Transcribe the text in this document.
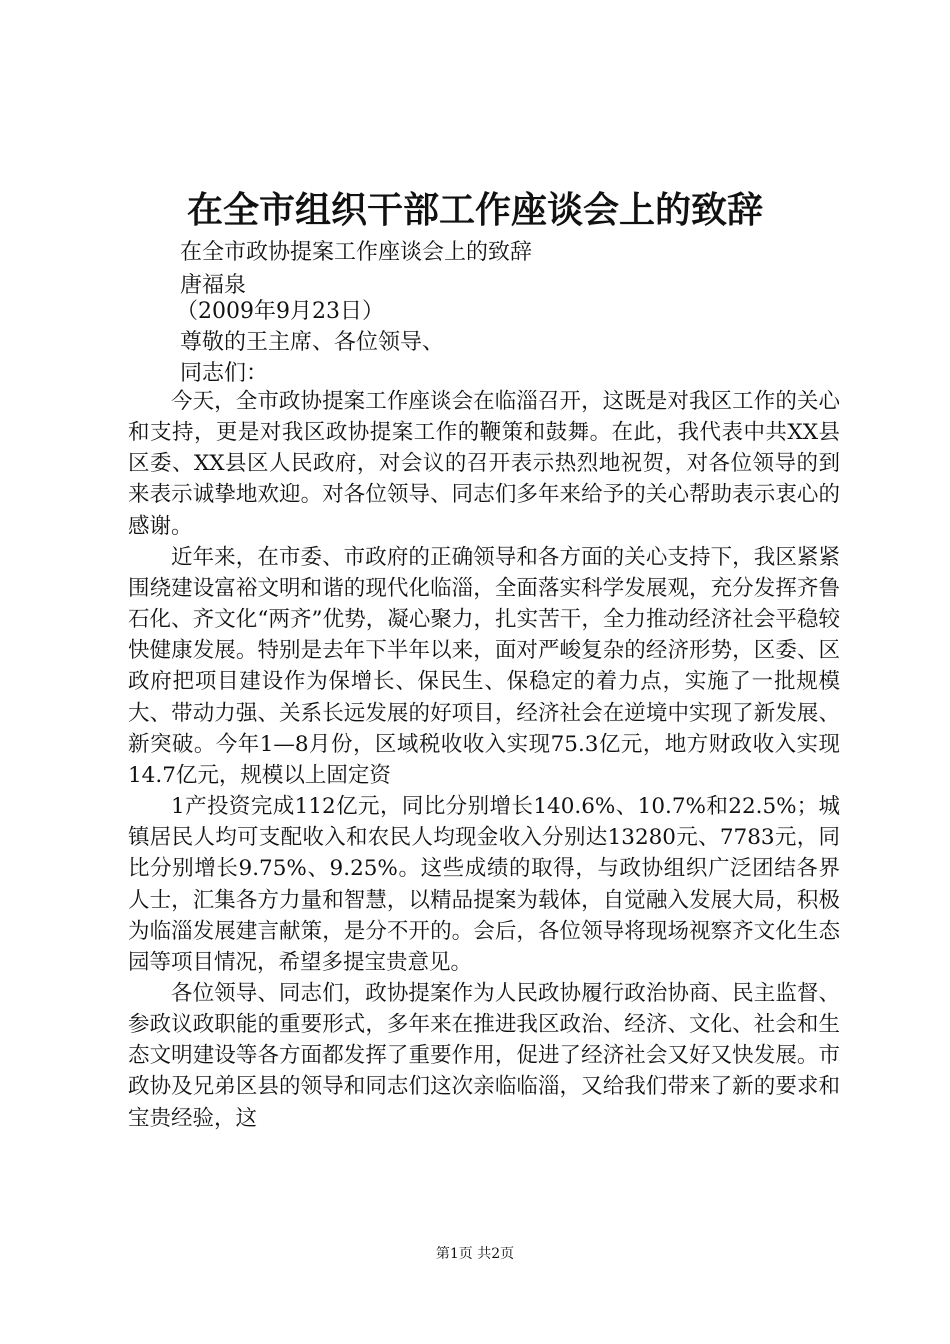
在全市组织干部工作座谈会上的致辞

在全市政协提案工作座谈会上的致辞

唐福泉

（2009年9月23日）

尊敬的王主席、各位领导、

同志们：

今天，全市政协提案工作座谈会在临淄召开，这既是对我区工作的关心和支持，更是对我区政协提案工作的鞭策和鼓舞。在此，我代表中共XX县区委、XX县区人民政府，对会议的召开表示热烈地祝贺，对各位领导的到来表示诚挚地欢迎。对各位领导、同志们多年来给予的关心帮助表示衷心的感谢。

近年来，在市委、市政府的正确领导和各方面的关心支持下，我区紧紧围绕建设富裕文明和谐的现代化临淄，全面落实科学发展观，充分发挥齐鲁石化、齐文化“两齐”优势，凝心聚力，扎实苦干，全力推动经济社会平稳较快健康发展。特别是去年下半年以来，面对严峻复杂的经济形势，区委、区政府把项目建设作为保增长、保民生、保稳定的着力点，实施了一批规模大、带动力强、关系长远发展的好项目，经济社会在逆境中实现了新发展、新突破。今年1—8月份，区域税收收入实现75.3亿元，地方财政收入实现14.7亿元，规模以上固定资

1产投资完成112亿元，同比分别增长140.6%、10.7%和22.5%；城镇居民人均可支配收入和农民人均现金收入分别达13280元、7783元，同比分别增长9.75%、9.25%。这些成绩的取得，与政协组织广泛团结各界人士，汇集各方力量和智慧，以精品提案为载体，自觉融入发展大局，积极为临淄发展建言献策，是分不开的。会后，各位领导将现场视察齐文化生态园等项目情况，希望多提宝贵意见。

各位领导、同志们，政协提案作为人民政协履行政治协商、民主监督、参政议政职能的重要形式，多年来在推进我区政治、经济、文化、社会和生态文明建设等各方面都发挥了重要作用，促进了经济社会又好又快发展。市政协及兄弟区县的领导和同志们这次亲临临淄，又给我们带来了新的要求和宝贵经验，这

第1页 共2页
